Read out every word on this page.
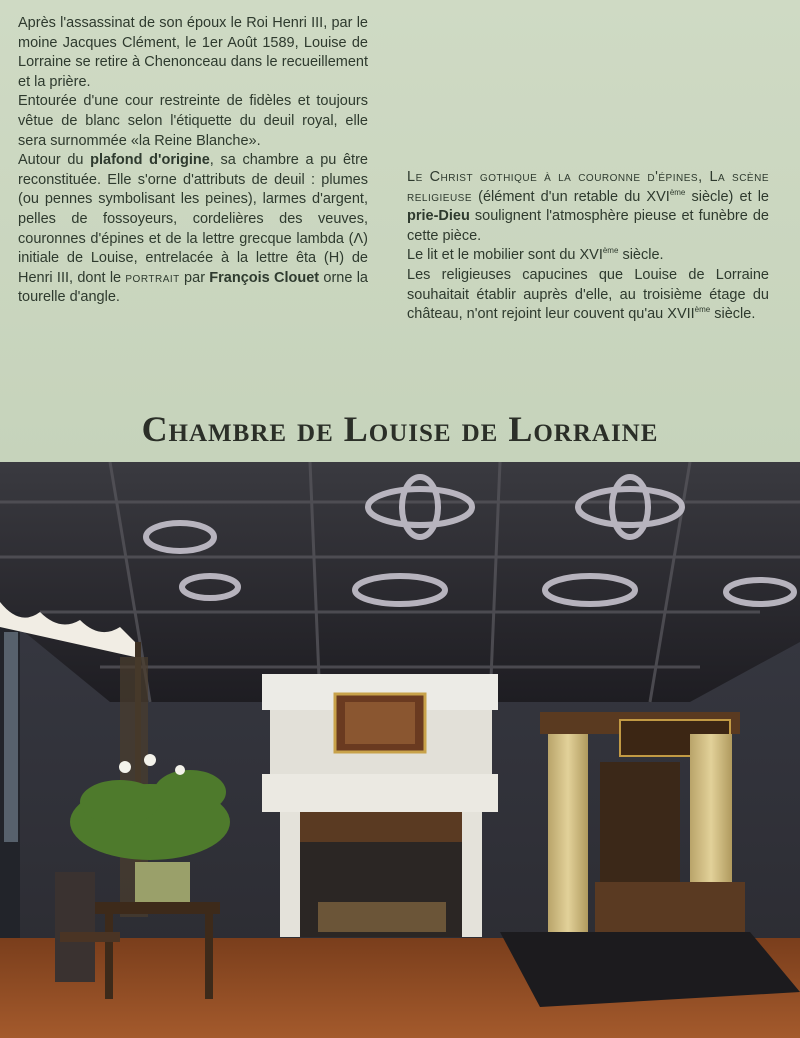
Après l'assassinat de son époux le Roi Henri III, par le moine Jacques Clément, le 1er Août 1589, Louise de Lorraine se retire à Chenonceau dans le recueillement et la prière.

Entourée d'une cour restreinte de fidèles et toujours vêtue de blanc selon l'étiquette du deuil royal, elle sera surnommée «la Reine Blanche».

Autour du plafond d'origine, sa chambre a pu être reconstituée. Elle s'orne d'attributs de deuil : plumes (ou pennes symbolisant les peines), larmes d'argent, pelles de fossoyeurs, cordelières des veuves, couronnes d'épines et de la lettre grecque lambda (Λ) initiale de Louise, entrelacée à la lettre êta (H) de Henri III, dont le portrait par François Clouet orne la tourelle d'angle.

Le Christ gothique à la couronne d'épines, La scène religieuse (élément d'un retable du XVIème siècle) et le prie-Dieu soulignent l'atmosphère pieuse et funèbre de cette pièce.

Le lit et le mobilier sont du XVIème siècle.

Les religieuses capucines que Louise de Lorraine souhaitait établir auprès d'elle, au troisième étage du château, n'ont rejoint leur couvent qu'au XVIIème siècle.

Chambre de Louise de Lorraine
